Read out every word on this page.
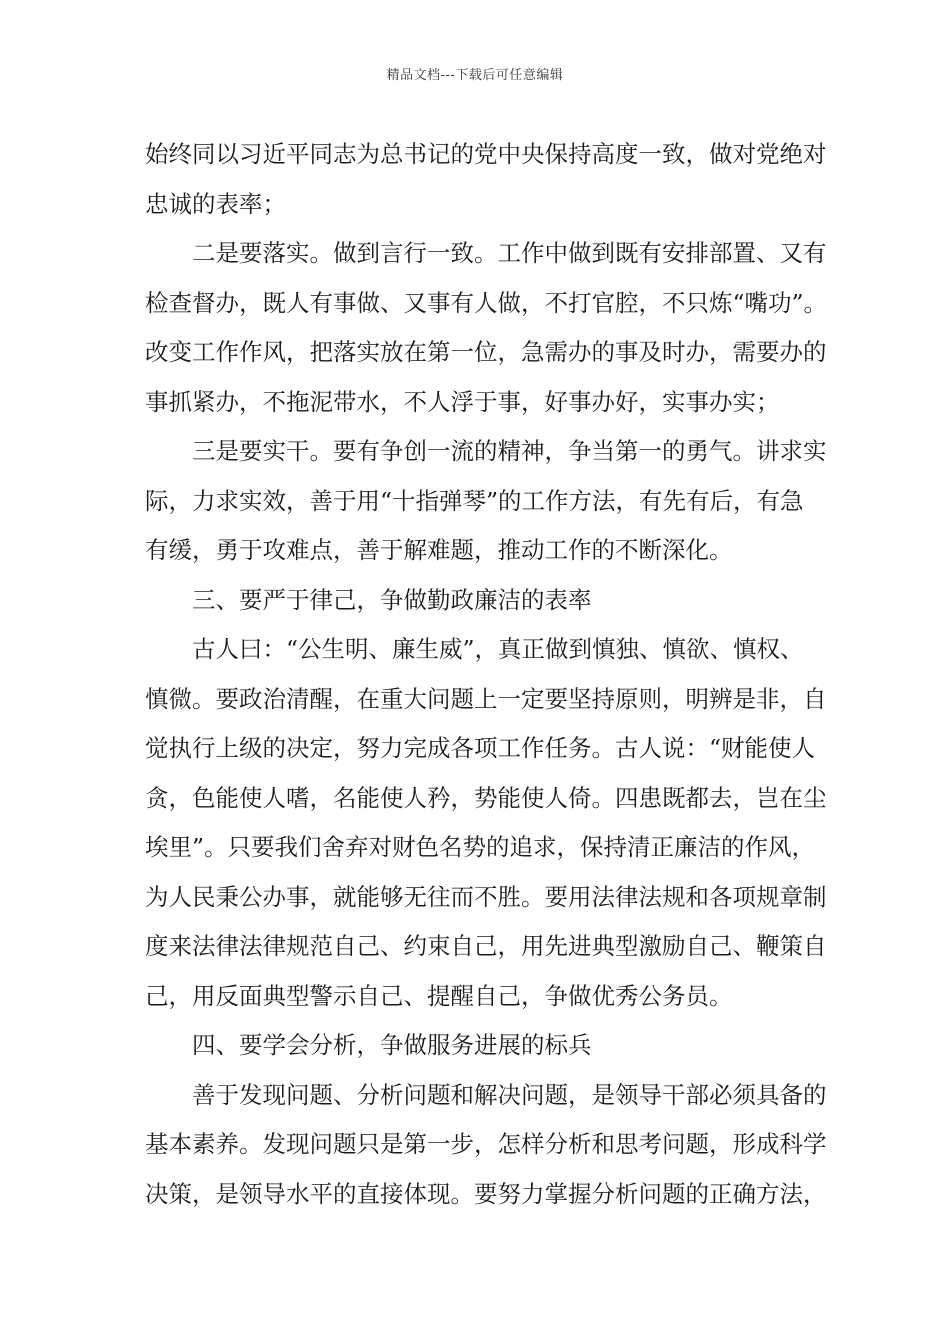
精品文档---下载后可任意编辑
始终同以习近平同志为总书记的党中央保持高度一致，做对党绝对
忠诚的表率；
二是要落实。做到言行一致。工作中做到既有安排部置、又有
检查督办，既人有事做、又事有人做，不打官腔，不只炼“嘴功”。
改变工作作风，把落实放在第一位，急需办的事及时办，需要办的
事抓紧办，不拖泥带水，不人浮于事，好事办好，实事办实；
三是要实干。要有争创一流的精神，争当第一的勇气。讲求实
际，力求实效，善于用“十指弹琴”的工作方法，有先有后，有急
有缓，勇于攻难点，善于解难题，推动工作的不断深化。
三、要严于律己，争做勤政廉洁的表率
古人曰：“公生明、廉生威”，真正做到慎独、慎欲、慎权、
慎微。要政治清醒，在重大问题上一定要坚持原则，明辨是非，自
觉执行上级的决定，努力完成各项工作任务。古人说：“财能使人
贪，色能使人嗜，名能使人矜，势能使人倚。四患既都去，岂在尘
埃里”。只要我们舍弃对财色名势的追求，保持清正廉洁的作风，
为人民秉公办事，就能够无往而不胜。要用法律法规和各项规章制
度来法律法律规范自己、约束自己，用先进典型激励自己、鞭策自
己，用反面典型警示自己、提醒自己，争做优秀公务员。
四、要学会分析，争做服务进展的标兵
善于发现问题、分析问题和解决问题，是领导干部必须具备的
基本素养。发现问题只是第一步，怎样分析和思考问题，形成科学
决策，是领导水平的直接体现。要努力掌握分析问题的正确方法，
